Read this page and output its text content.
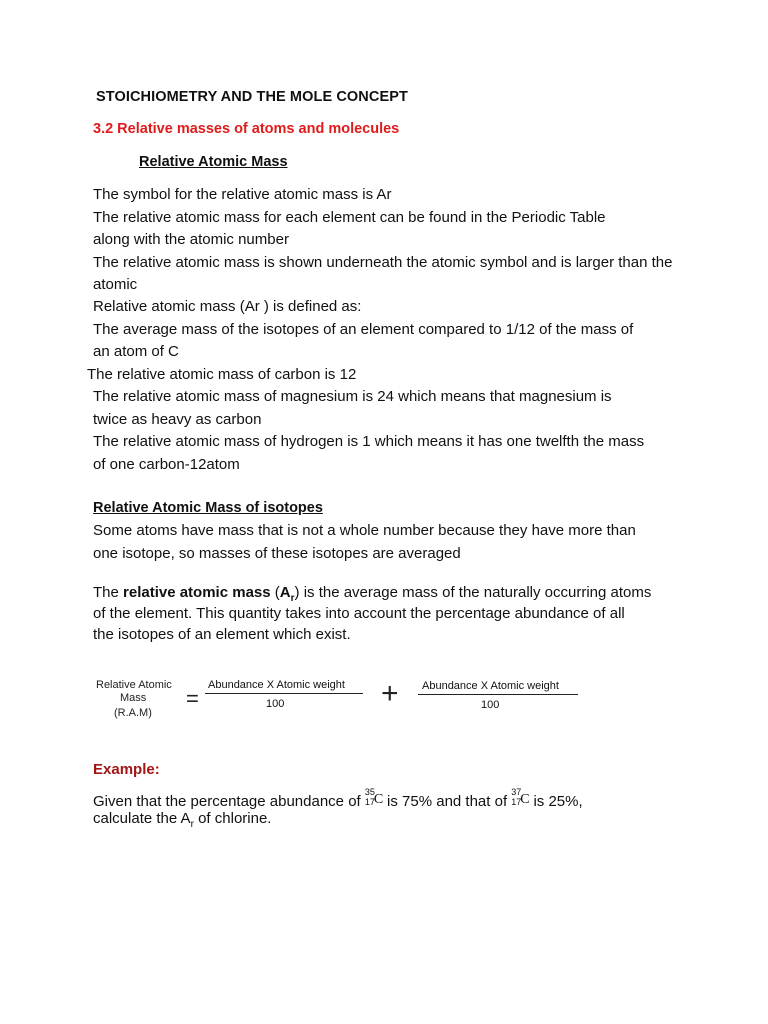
STOICHIOMETRY AND THE MOLE CONCEPT
3.2 Relative masses of atoms and molecules
Relative Atomic Mass
The symbol for the relative atomic mass is Ar
The relative atomic mass for each element can be found in the Periodic Table
along with the atomic number
The relative atomic mass is shown underneath the atomic symbol and is larger than the
atomic
Relative atomic mass (Ar ) is defined as:
The average mass of the isotopes of an element compared to 1/12 of the mass of
an atom of C
The relative atomic mass of carbon is 12
The relative atomic mass of magnesium is 24 which means that magnesium is
twice as heavy as carbon
The relative atomic mass of hydrogen is 1 which means it has one twelfth the mass
of one carbon-12atom
Relative Atomic Mass of isotopes
Some atoms have mass that is not a whole number because they have more than
one isotope, so masses of these isotopes are averaged
The relative atomic mass $(A_r)$ is the average mass of the naturally occurring atoms
of the element. This quantity takes into account the percentage abundance of all
the isotopes of an element which exist.
Relative Atomic
Mass
(R.A.M)
=
Abundance X Atomic weight
100	+ Abundance X Atomic weight
100
Example:
Given that the percentage abundance of
35
17
C is 75% and that of
37
17
C is 25%,
calculate the $A_r$ of chlorine.
